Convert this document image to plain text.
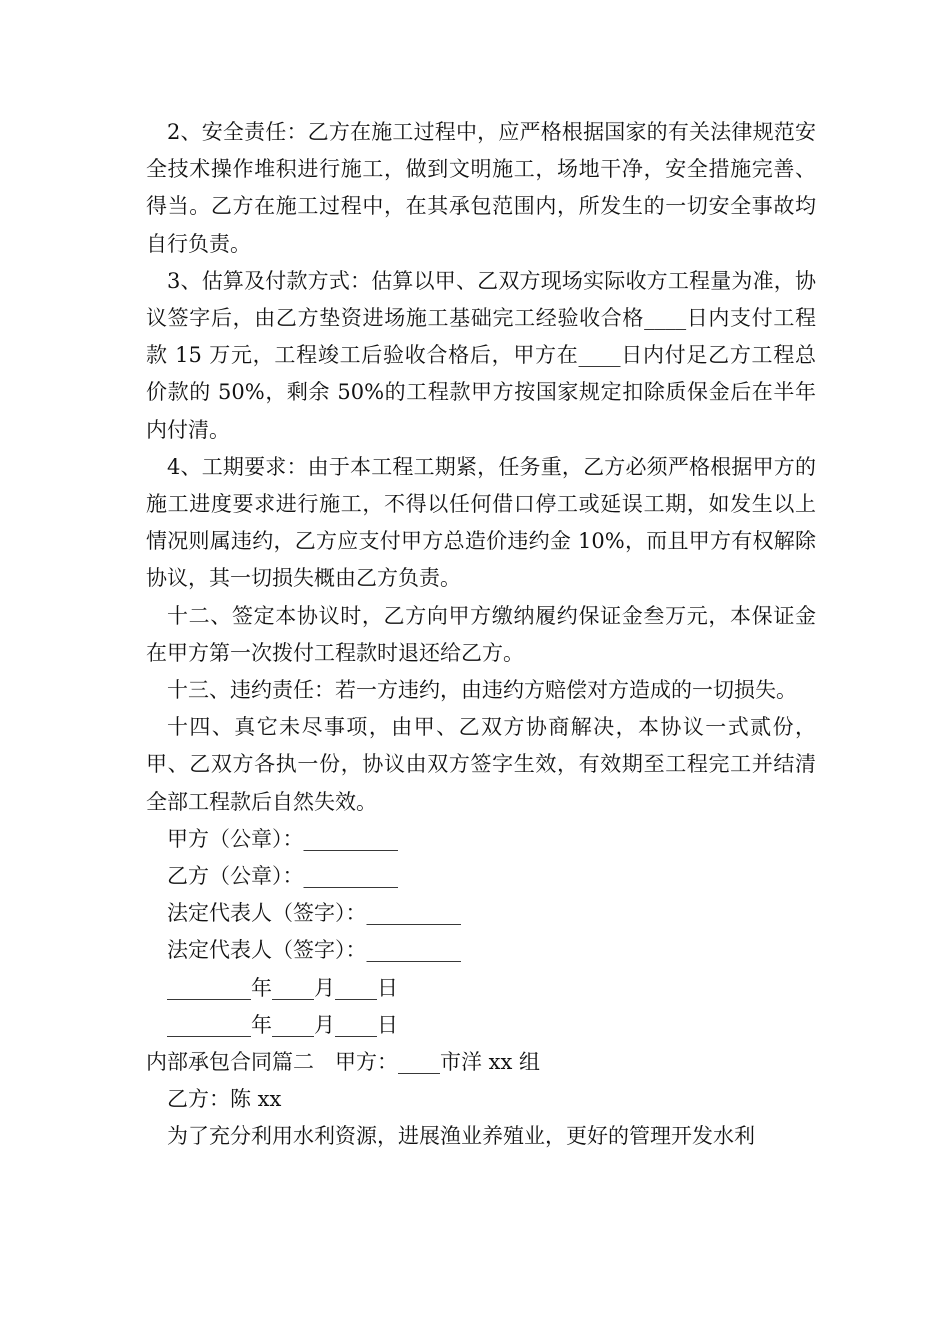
2、安全责任：乙方在施工过程中，应严格根据国家的有关法律规范安全技术操作堆积进行施工，做到文明施工，场地干净，安全措施完善、得当。乙方在施工过程中，在其承包范围内，所发生的一切安全事故均自行负责。

3、估算及付款方式：估算以甲、乙双方现场实际收方工程量为准，协议签字后，由乙方垫资进场施工基础完工经验收合格____日内支付工程款 15 万元，工程竣工后验收合格后，甲方在____日内付足乙方工程总价款的 50%，剩余 50%的工程款甲方按国家规定扣除质保金后在半年内付清。

4、工期要求：由于本工程工期紧，任务重，乙方必须严格根据甲方的施工进度要求进行施工，不得以任何借口停工或延误工期，如发生以上情况则属违约，乙方应支付甲方总造价违约金 10%，而且甲方有权解除协议，其一切损失概由乙方负责。

十二、签定本协议时，乙方向甲方缴纳履约保证金叁万元，本保证金在甲方第一次拨付工程款时退还给乙方。

十三、违约责任：若一方违约，由违约方赔偿对方造成的一切损失。

十四、真它未尽事项，由甲、乙双方协商解决，本协议一式贰份，甲、乙双方各执一份，协议由双方签字生效，有效期至工程完工并结清全部工程款后自然失效。

甲方（公章）：_________

乙方（公章）：_________

法定代表人（签字）：_________

法定代表人（签字）：_________

________年____月____日

________年____月____日

内部承包合同篇二　甲方：____市洋 xx 组

乙方：陈 xx

为了充分利用水利资源，进展渔业养殖业，更好的管理开发水利
